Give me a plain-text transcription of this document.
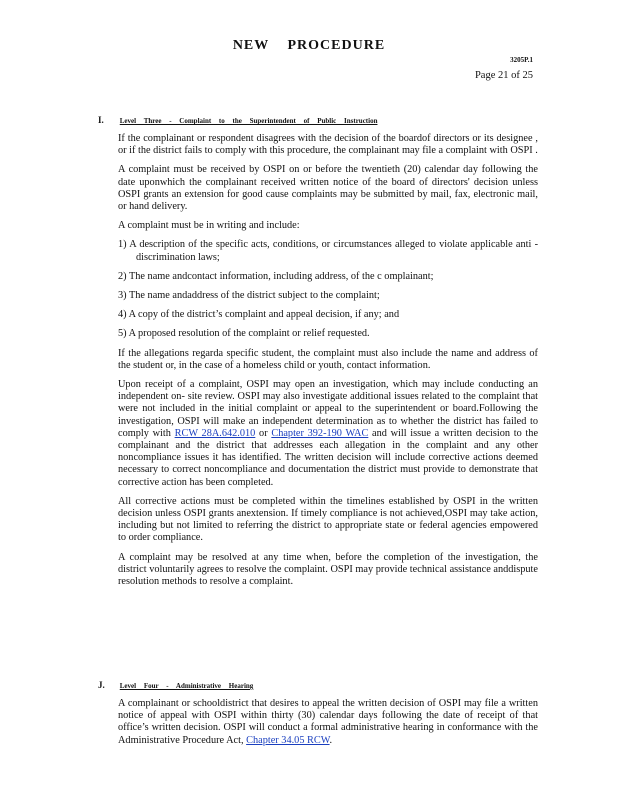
NEW PROCEDURE
3205P.1
Page 21 of 25
I. Level Three - Complaint to the Superintendent of Public Instruction

If the complainant or respondent disagrees with the decision of the boardof directors or its designee , or if the district fails to comply with this procedure, the complainant may file a complaint with OSPI .

A complaint must be received by OSPI on or before the twentieth (20) calendar day following the date uponwhich the complainant received written notice of the board of directors' decision unless OSPI grants an extension for good cause complaints may be submitted by mail, fax, electronic mail, or hand delivery.

A complaint must be in writing and include:

1) A description of the specific acts, conditions, or circumstances alleged to violate applicable anti -discrimination laws;

2) The name andcontact information, including address, of the c omplainant;

3) The name andaddress of the district subject to the complaint;

4) A copy of the district’s complaint and appeal decision, if any; and

5) A proposed resolution of the complaint or relief requested.

If the allegations regarda specific student, the complaint must also include the name and address of the student or, in the case of a homeless child or youth, contact information.

Upon receipt of a complaint, OSPI may open an investigation, which may include conducting an independent on- site review. OSPI may also investigate additional issues related to the complaint that were not included in the initial complaint or appeal to the superintendent or board.Following the investigation, OSPI will make an independent determination as to whether the district has failed to comply with RCW 28A.642.010 or Chapter 392-190 WAC and will issue a written decision to the complainant and the district that addresses each allegation in the complaint and any other noncompliance issues it has identified. The written decision will include corrective actions deemed necessary to correct noncompliance and documentation the district must provide to demonstrate that corrective action has been completed.

All corrective actions must be completed within the timelines established by OSPI in the written decision unless OSPI grants anextension. If timely compliance is not achieved,OSPI may take action, including but not limited to referring the district to appropriate state or federal agencies empowered to order compliance.

A complaint may be resolved at any time when, before the completion of the investigation, the district voluntarily agrees to resolve the complaint. OSPI may provide technical assistance anddispute resolution methods to resolve a complaint.

J. Level Four - Administrative Hearing

A complainant or schooldistrict that desires to appeal the written decision of OSPI may file a written notice of appeal with OSPI within thirty (30) calendar days following the date of receipt of that office’s written decision. OSPI will conduct a formal administrative hearing in conformance with the Administrative Procedure Act, Chapter 34.05 RCW.
